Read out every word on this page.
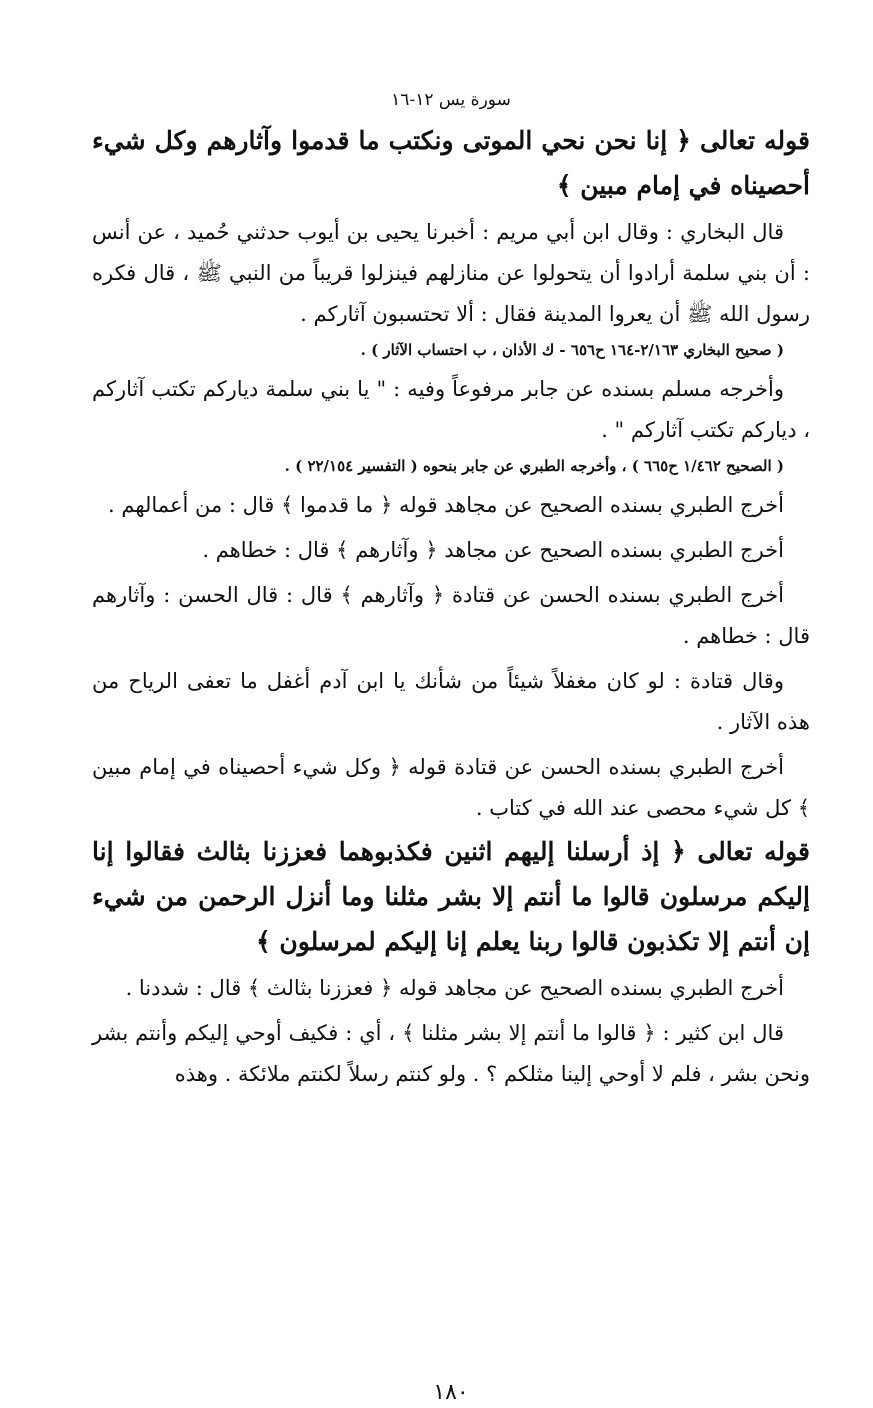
سورة يس ١٢-١٦
قوله تعالى ﴿ إنا نحن نحي الموتى ونكتب ما قدموا وآثارهم وكل شيء أحصيناه في إمام مبين ﴾
قال البخاري : وقال ابن أبي مريم : أخبرنا يحيى بن أيوب حدثني حُميد ، عن أنس : أن بني سلمة أرادوا أن يتحولوا عن منازلهم فينزلوا قريباً من النبي ﷺ ، قال فكره رسول الله ﷺ أن يعروا المدينة فقال : ألا تحتسبون آثاركم .
( صحيح البخاري ٢/١٦٣-١٦٤ ح٦٥٦ - ك الأذان ، ب احتساب الآثار ) .
وأخرجه مسلم بسنده عن جابر مرفوعاً وفيه : " يا بني سلمة دياركم تكتب آثاركم ، دياركم تكتب آثاركم " .
( الصحيح ١/٤٦٢ ح٦٦٥ ) ، وأخرجه الطبري عن جابر بنحوه ( التفسير ٢٢/١٥٤ ) .
أخرج الطبري بسنده الصحيح عن مجاهد قوله ﴿ ما قدموا ﴾ قال : من أعمالهم .
أخرج الطبري بسنده الصحيح عن مجاهد ﴿ وآثارهم ﴾ قال : خطاهم .
أخرج الطبري بسنده الحسن عن قتادة ﴿ وآثارهم ﴾ قال : قال الحسن : وآثارهم قال : خطاهم .
وقال قتادة : لو كان مغفلاً شيئاً من شأنك يا ابن آدم أغفل ما تعفى الرياح من هذه الآثار .
أخرج الطبري بسنده الحسن عن قتادة قوله ﴿ وكل شيء أحصيناه في إمام مبين ﴾ كل شيء محصى عند الله في كتاب .
قوله تعالى ﴿ إذ أرسلنا إليهم اثنين فكذبوهما فعززنا بثالث فقالوا إنا إليكم مرسلون قالوا ما أنتم إلا بشر مثلنا وما أنزل الرحمن من شيء إن أنتم إلا تكذبون قالوا ربنا يعلم إنا إليكم لمرسلون ﴾
أخرج الطبري بسنده الصحيح عن مجاهد قوله ﴿ فعززنا بثالث ﴾ قال : شددنا .
قال ابن كثير : ﴿ قالوا ما أنتم إلا بشر مثلنا ﴾ ، أي : فكيف أوحي إليكم وأنتم بشر ونحن بشر ، فلم لا أوحي إلينا مثلكم ؟ . ولو كنتم رسلاً لكنتم ملائكة . وهذه
١٨٠
